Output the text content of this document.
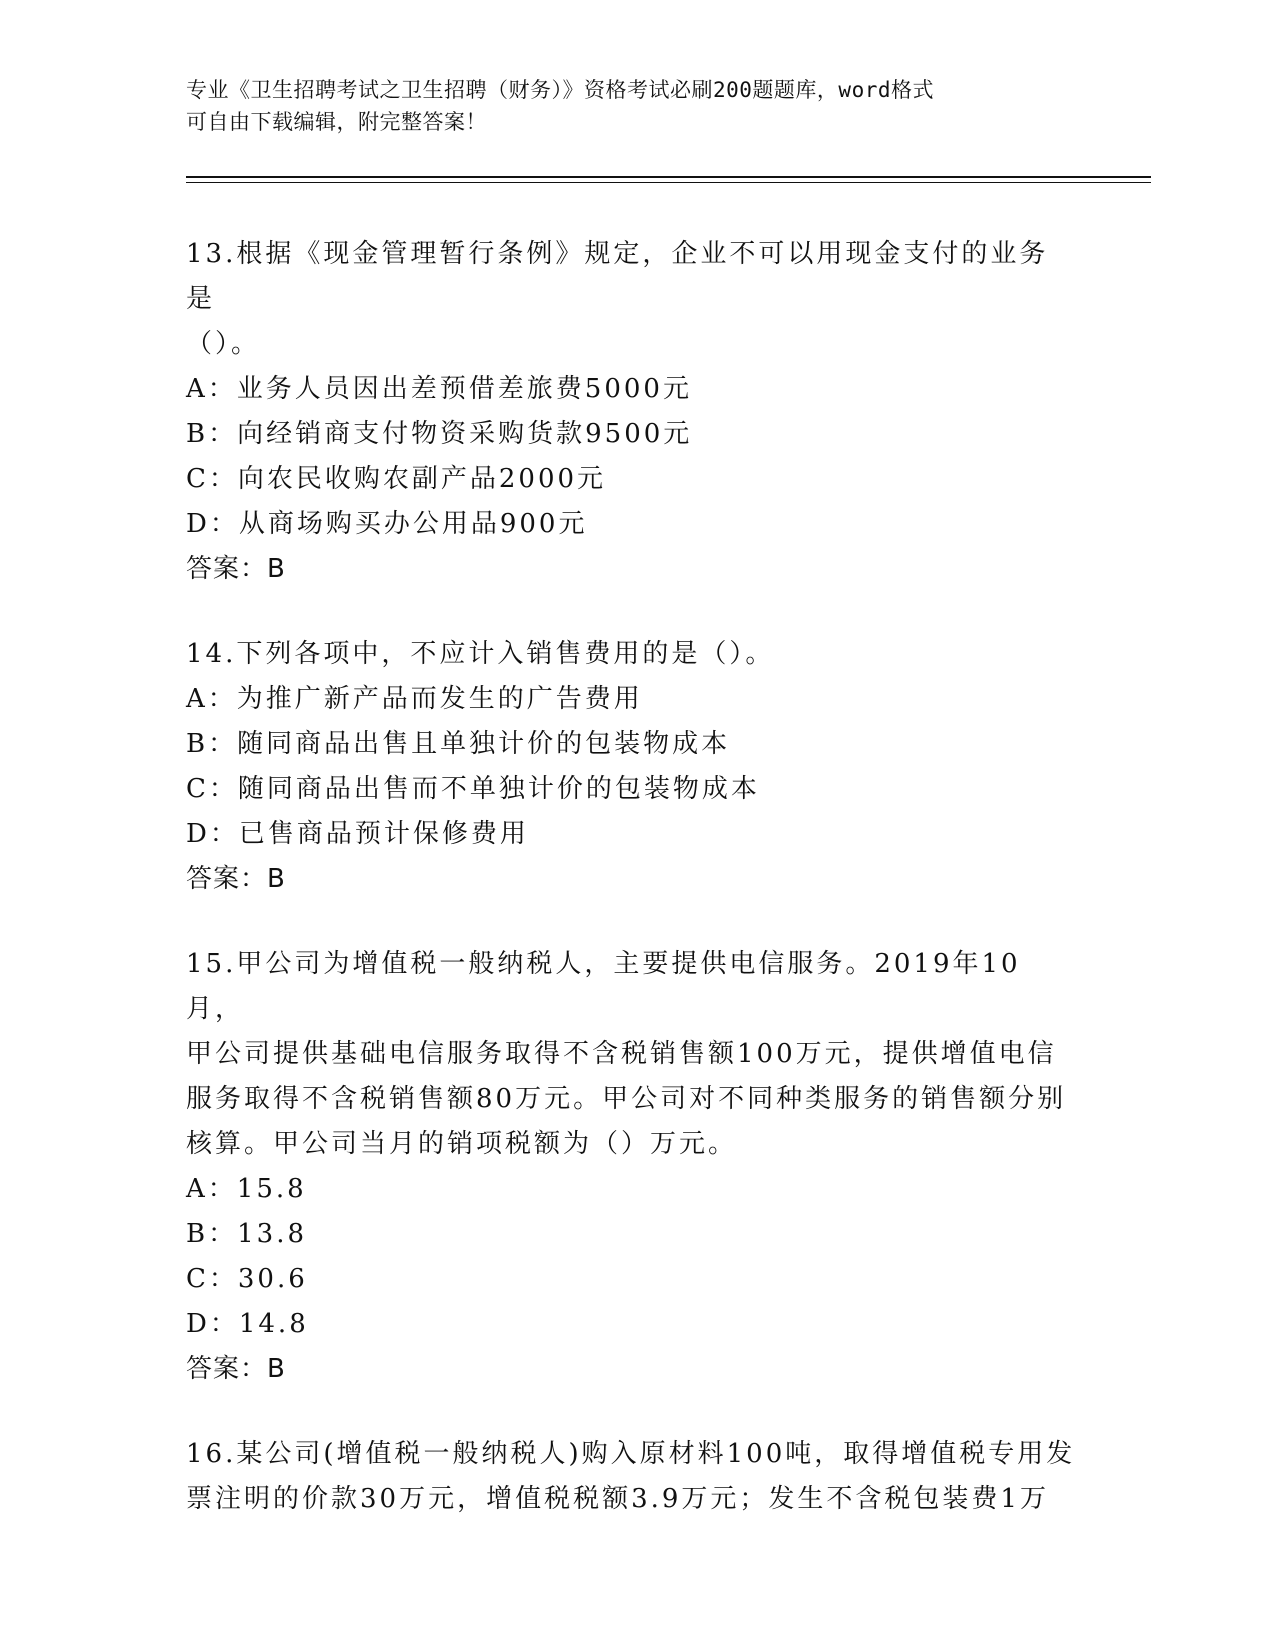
专业《卫生招聘考试之卫生招聘（财务）》资格考试必刷200题题库，word格式
可自由下载编辑，附完整答案！
13.根据《现金管理暂行条例》规定，企业不可以用现金支付的业务是
（）。
A：业务人员因出差预借差旅费5000元
B：向经销商支付物资采购货款9500元
C：向农民收购农副产品2000元
D：从商场购买办公用品900元
答案：B
14.下列各项中，不应计入销售费用的是（）。
A：为推广新产品而发生的广告费用
B：随同商品出售且单独计价的包装物成本
C：随同商品出售而不单独计价的包装物成本
D：已售商品预计保修费用
答案：B
15.甲公司为增值税一般纳税人，主要提供电信服务。2019年10月，
甲公司提供基础电信服务取得不含税销售额100万元，提供增值电信
服务取得不含税销售额80万元。甲公司对不同种类服务的销售额分别
核算。甲公司当月的销项税额为（）万元。
A：15.8
B：13.8
C：30.6
D：14.8
答案：B
16.某公司(增值税一般纳税人)购入原材料100吨，取得增值税专用发
票注明的价款30万元，增值税税额3.9万元；发生不含税包装费1万
